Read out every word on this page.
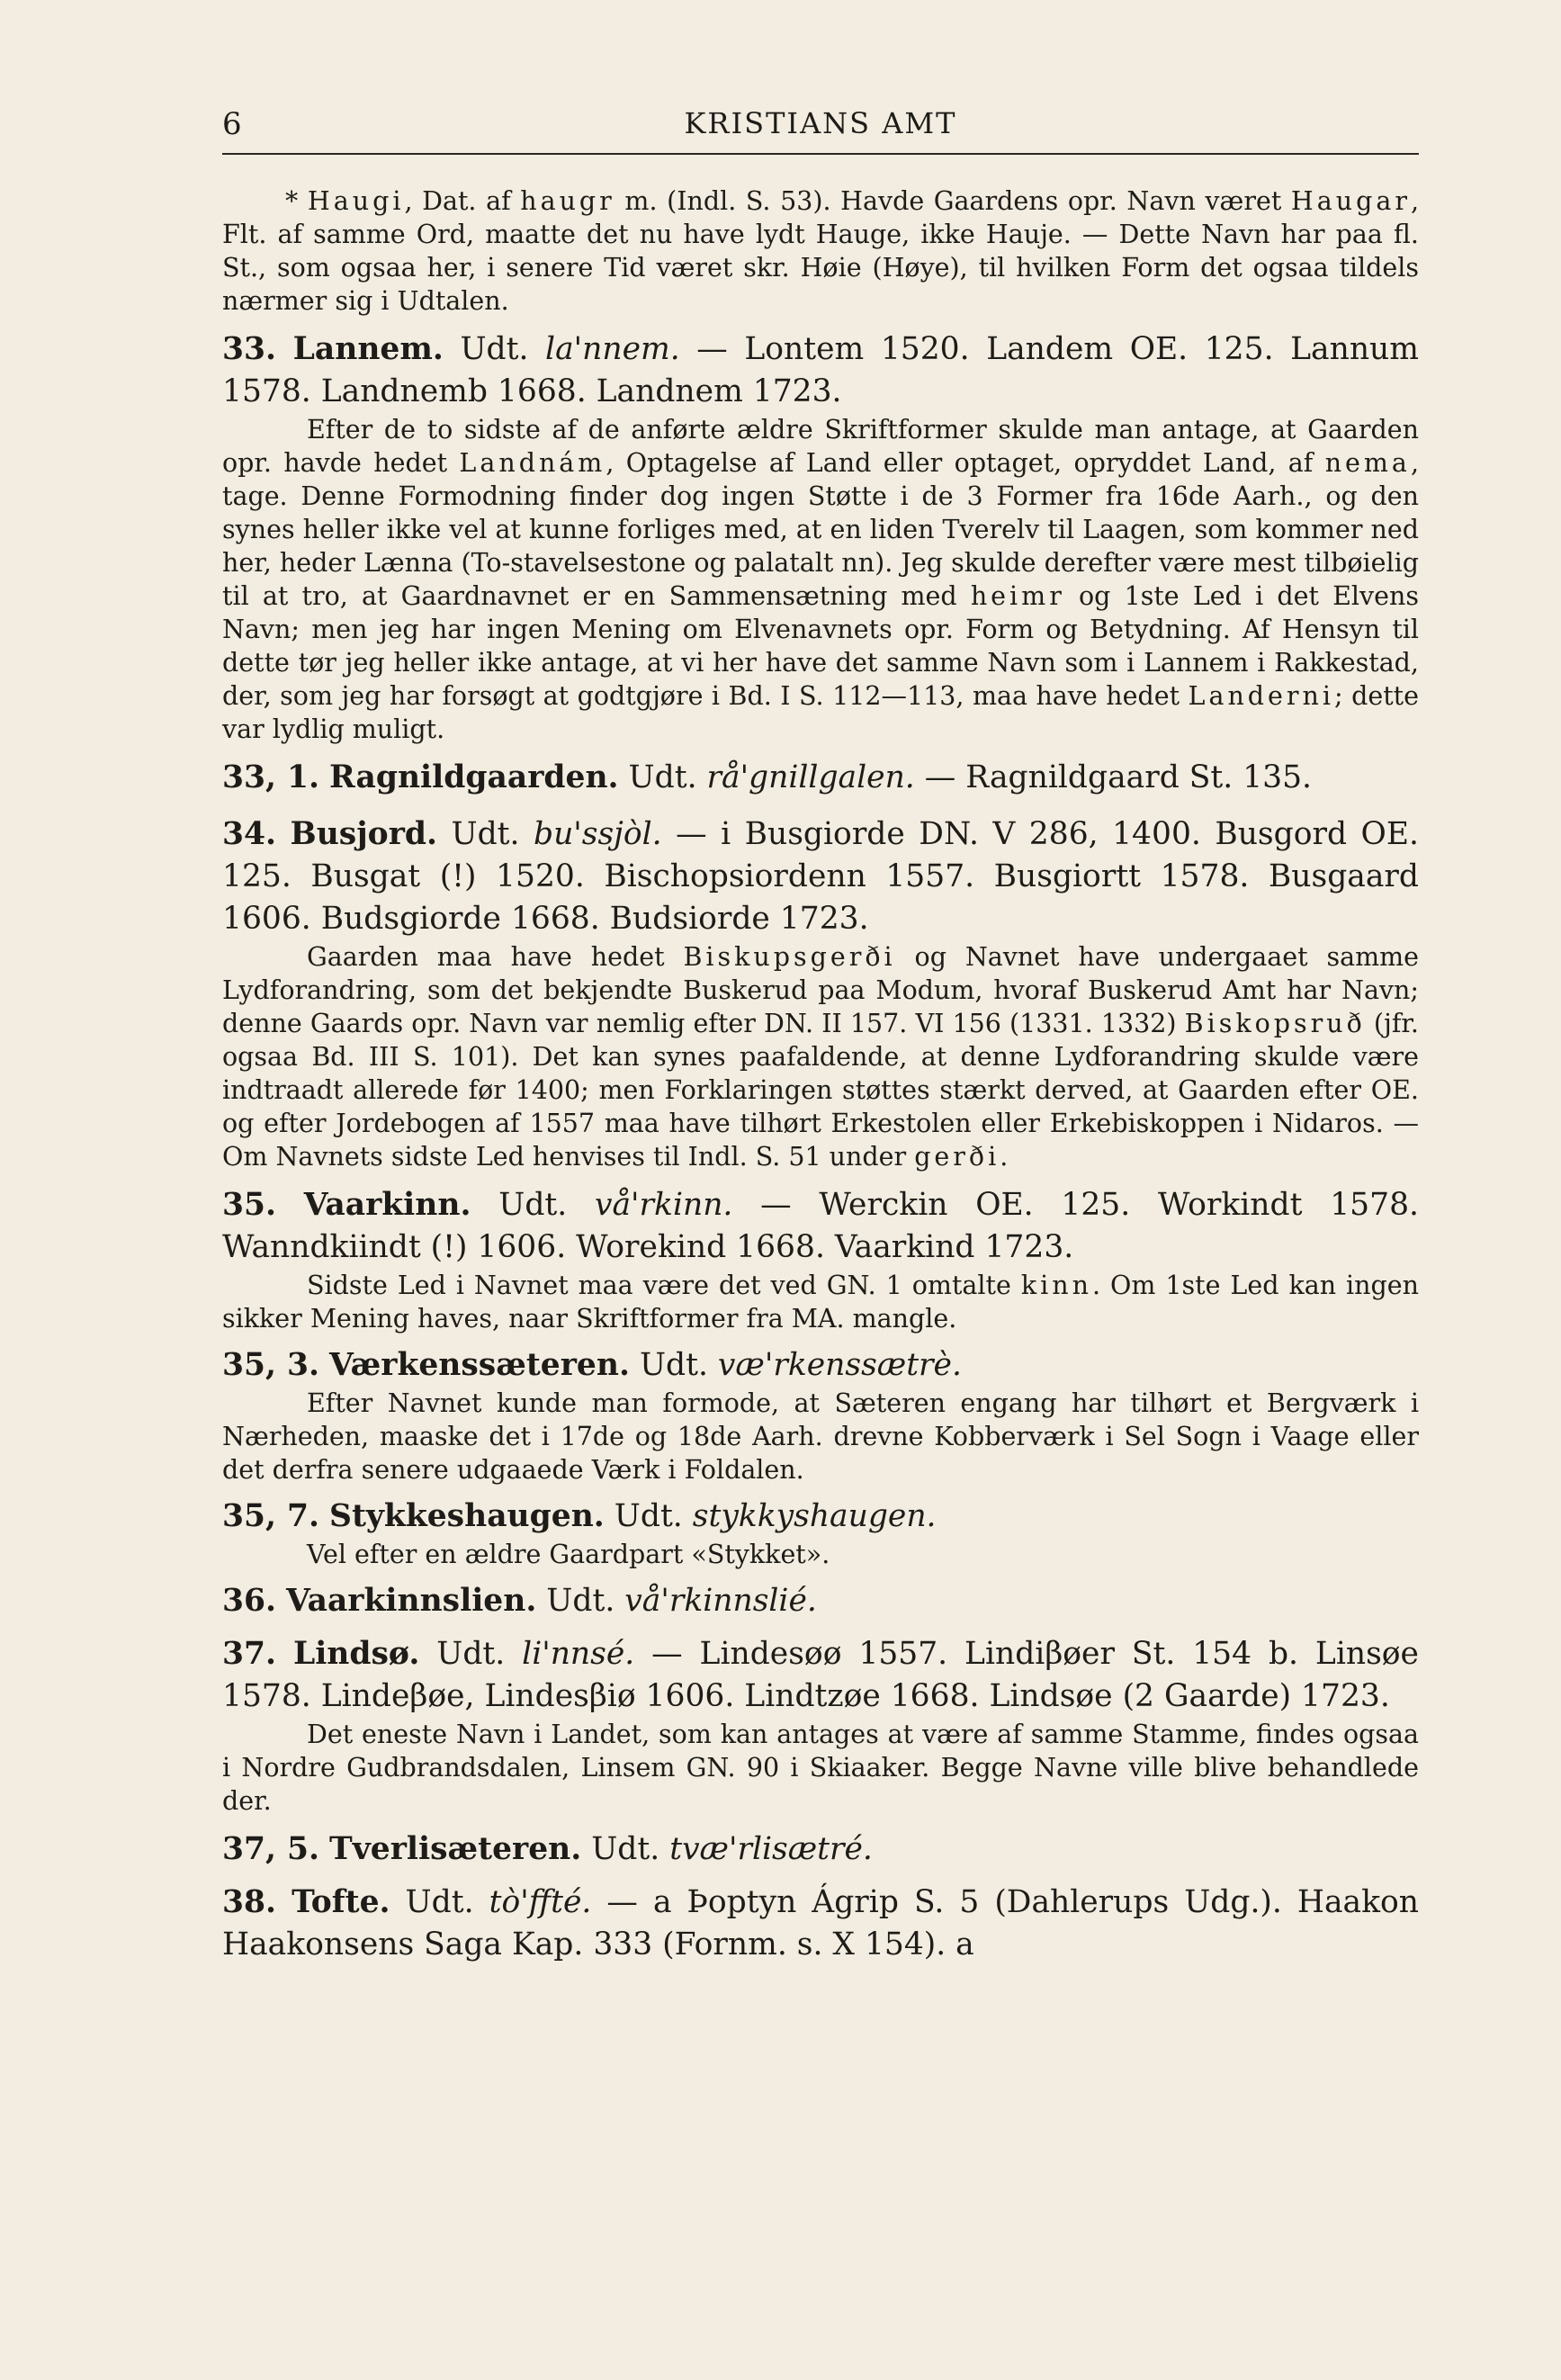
6	KRISTIANS AMT

* Haugi, Dat. af haugr m. (Indl. S. 53). Havde Gaardens opr. Navn været Haugar, Flt. af samme Ord, maatte det nu have lydt Hauge, ikke Hauje. — Dette Navn har paa fl. St., som ogsaa her, i senere Tid været skr. Høie (Høye), til hvilken Form det ogsaa tildels nærmer sig i Udtalen.

33. Lannem. Udt. la'nnem. — Lontem 1520. Landem OE. 125. Lannum 1578. Landnemb 1668. Landnem 1723.

Efter de to sidste af de anførte ældre Skriftformer skulde man antage, at Gaarden opr. havde hedet Landnám, Optagelse af Land eller optaget, opryddet Land, af nema, tage. Denne Formodning finder dog ingen Støtte i de 3 Former fra 16de Aarh., og den synes heller ikke vel at kunne forliges med, at en liden Tverelv til Laagen, som kommer ned her, heder Lænna (To-stavelsestone og palatalt nn). Jeg skulde derefter være mest tilbøielig til at tro, at Gaardnavnet er en Sammensætning med heimr og 1ste Led i det Elvens Navn; men jeg har ingen Mening om Elvenavnets opr. Form og Betydning. Af Hensyn til dette tør jeg heller ikke antage, at vi her have det samme Navn som i Lannem i Rakkestad, der, som jeg har forsøgt at godtgjøre i Bd. I S. 112—113, maa have hedet Landerni; dette var lydlig muligt.

33, 1. Ragnildgaarden. Udt. rå'gnillgalen. — Ragnildgaard St. 135.

34. Busjord. Udt. bu'ssjòl. — i Busgiorde DN. V 286, 1400. Busgord OE. 125. Busgat (!) 1520. Bischopsiordenn 1557. Busgiortt 1578. Busgaard 1606. Budsgiorde 1668. Budsiorde 1723.

Gaarden maa have hedet Biskupsgerði og Navnet have undergaaet samme Lydforandring, som det bekjendte Buskerud paa Modum, hvoraf Buskerud Amt har Navn; denne Gaards opr. Navn var nemlig efter DN. II 157. VI 156 (1331. 1332) Biskopsruð (jfr. ogsaa Bd. III S. 101). Det kan synes paafaldende, at denne Lydforandring skulde være indtraadt allerede før 1400; men Forklaringen støttes stærkt derved, at Gaarden efter OE. og efter Jordebogen af 1557 maa have tilhørt Erkestolen eller Erkebiskoppen i Nidaros. — Om Navnets sidste Led henvises til Indl. S. 51 under gerði.

35. Vaarkinn. Udt. vå'rkinn. — Werckin OE. 125. Workindt 1578. Wanndkiindt (!) 1606. Worekind 1668. Vaarkind 1723.

Sidste Led i Navnet maa være det ved GN. 1 omtalte kinn. Om 1ste Led kan ingen sikker Mening haves, naar Skriftformer fra MA. mangle.

35, 3. Værkenssæteren. Udt. væ'rkenssætrè.

Efter Navnet kunde man formode, at Sæteren engang har tilhørt et Bergværk i Nærheden, maaske det i 17de og 18de Aarh. drevne Kobberværk i Sel Sogn i Vaage eller det derfra senere udgaaede Værk i Foldalen.

35, 7. Stykkeshaugen. Udt. stykkyshaugen.

Vel efter en ældre Gaardpart «Stykket».

36. Vaarkinnslien. Udt. vå'rkinnslié.

37. Lindsø. Udt. li'nnsé. — Lindesøø 1557. Lindiβøer St. 154 b. Linsøe 1578. Lindeβøe, Lindesβiø 1606. Lindtzøe 1668. Lindsøe (2 Gaarde) 1723.

Det eneste Navn i Landet, som kan antages at være af samme Stamme, findes ogsaa i Nordre Gudbrandsdalen, Linsem GN. 90 i Skiaaker. Begge Navne ville blive behandlede der.

37, 5. Tverlisæteren. Udt. tvæ'rlisætré.

38. Tofte. Udt. tò'ffté. — a Þoptyn Ágrip S. 5 (Dahlerups Udg.). Haakon Haakonsens Saga Kap. 333 (Fornm. s. X 154). a
